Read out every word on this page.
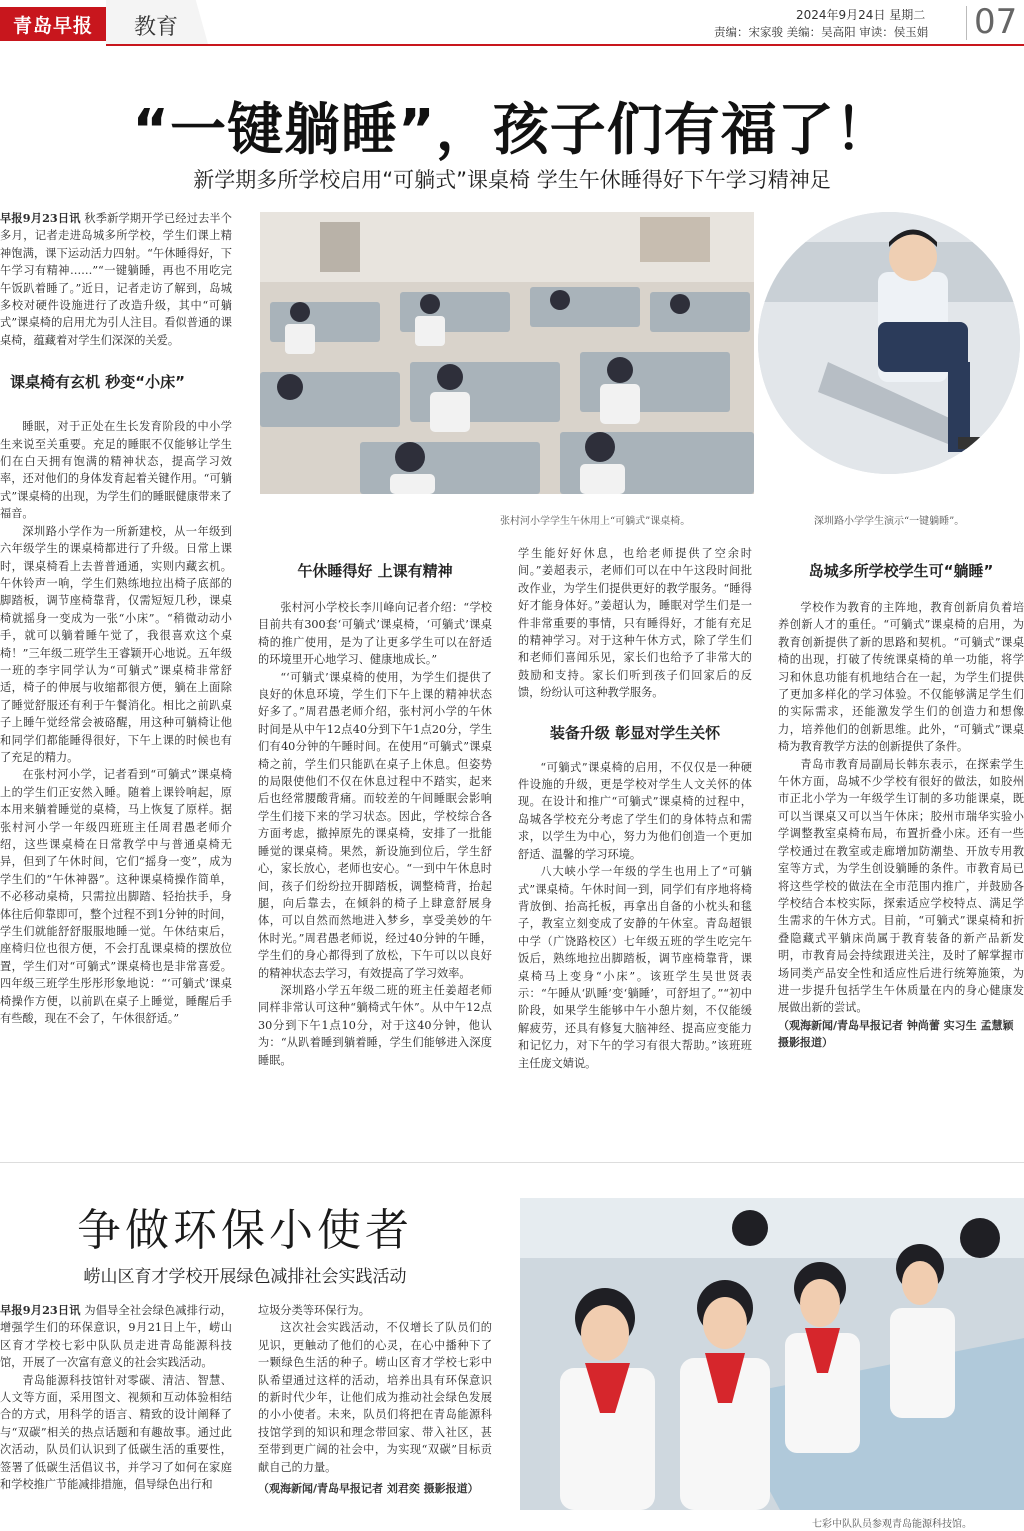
青岛早报	教育	2024年9月24日 星期二
责编：宋家骏 美编：吴高阳 审读：侯玉娟 07
“一键躺睡”，孩子们有福了！
新学期多所学校启用“可躺式”课桌椅 学生午休睡得好下午学习精神足
张村河小学学生午休用上“可躺式”课桌椅。	深圳路小学学生演示“一键躺睡”。

早报9月23日讯 秋季新学期开学已经过去半个多月，记者走进岛城多所学校，学生们课上精神饱满，课下运动活力四射。“午休睡得好，下午学习有精神……”“一键躺睡，再也不用吃完午饭趴着睡了。”近日，记者走访了解到，岛城多校对硬件设施进行了改造升级，其中“可躺式”课桌椅的启用尤为引人注目。看似普通的课桌椅，蕴藏着对学生们深深的关爱。

课桌椅有玄机 秒变“小床”

睡眠，对于正处在生长发育阶段的中小学生来说至关重要。充足的睡眠不仅能够让学生们在白天拥有饱满的精神状态，提高学习效率，还对他们的身体发育起着关键作用。“可躺式”课桌椅的出现，为学生们的睡眠健康带来了福音。

深圳路小学作为一所新建校，从一年级到六年级学生的课桌椅都进行了升级。日常上课时，课桌椅看上去普普通通，实则内藏玄机。午休铃声一响，学生们熟练地拉出椅子底部的脚踏板，调节座椅靠背，仅需短短几秒，课桌椅就摇身一变成为一张“小床”。“稍微动动小手，就可以躺着睡午觉了，我很喜欢这个桌椅！”三年级二班学生王睿颖开心地说。五年级一班的李宇同学认为“可躺式”课桌椅非常舒适，椅子的伸展与收缩都很方便，躺在上面除了睡觉舒服还有利于午餐消化。相比之前趴桌子上睡午觉经常会被硌醒，用这种可躺椅让他和同学们都能睡得很好，下午上课的时候也有了充足的精力。

在张村河小学，记者看到“可躺式”课桌椅上的学生们正安然入睡。随着上课铃响起，原本用来躺着睡觉的桌椅，马上恢复了原样。据张村河小学一年级四班班主任周君愚老师介绍，这些课桌椅在日常教学中与普通桌椅无异，但到了午休时间，它们“摇身一变”，成为学生们的“午休神器”。这种课桌椅操作简单，不必移动桌椅，只需拉出脚踏、轻抬扶手，身体往后仰靠即可，整个过程不到1分钟的时间，学生们就能舒舒服服地睡一觉。午休结束后，座椅归位也很方便，不会打乱课桌椅的摆放位置，学生们对“可躺式”课桌椅也是非常喜爱。四年级三班学生彤彤形象地说：“‘可躺式’课桌椅操作方便，以前趴在桌子上睡觉，睡醒后手有些酸，现在不会了，午休很舒适。”

午休睡得好 上课有精神

张村河小学校长李川峰向记者介绍：“学校目前共有300套‘可躺式’课桌椅，‘可躺式’课桌椅的推广使用，是为了让更多学生可以在舒适的环境里开心地学习、健康地成长。”

“‘可躺式’课桌椅的使用，为学生们提供了良好的休息环境，学生们下午上课的精神状态好多了。”周君愚老师介绍，张村河小学的午休时间是从中午12点40分到下午1点20分，学生们有40分钟的午睡时间。在使用“可躺式”课桌椅之前，学生们只能趴在桌子上休息。但姿势的局限使他们不仅在休息过程中不踏实，起来后也经常腰酸背痛。而较差的午间睡眠会影响学生们接下来的学习状态。因此，学校综合各方面考虑，撤掉原先的课桌椅，安排了一批能睡觉的课桌椅。果然，新设施到位后，学生舒心，家长放心，老师也安心。“一到中午休息时间，孩子们纷纷拉开脚踏板，调整椅背，抬起腿，向后靠去，在倾斜的椅子上肆意舒展身体，可以自然而然地进入梦乡，享受美妙的午休时光。”周君愚老师说，经过40分钟的午睡，学生们的身心都得到了放松，下午可以以良好的精神状态去学习，有效提高了学习效率。

深圳路小学五年级二班的班主任姜超老师同样非常认可这种“躺椅式午休”。从中午12点30分到下午1点10分，对于这40分钟，他认为：“从趴着睡到躺着睡，学生们能够进入深度睡眠。

学生能好好休息，也给老师提供了空余时间。”姜超表示，老师们可以在中午这段时间批改作业，为学生们提供更好的教学服务。“睡得好才能身体好。”姜超认为，睡眠对学生们是一件非常重要的事情，只有睡得好，才能有充足的精神学习。对于这种午休方式，除了学生们和老师们喜闻乐见，家长们也给予了非常大的鼓励和支持。家长们听到孩子们回家后的反馈，纷纷认可这种教学服务。

装备升级 彰显对学生关怀

“可躺式”课桌椅的启用，不仅仅是一种硬件设施的升级，更是学校对学生人文关怀的体现。在设计和推广“可躺式”课桌椅的过程中，岛城各学校充分考虑了学生们的身体特点和需求，以学生为中心，努力为他们创造一个更加舒适、温馨的学习环境。

八大峡小学一年级的学生也用上了“可躺式”课桌椅。午休时间一到，同学们有序地将椅背放倒、抬高托板，再拿出自备的小枕头和毯子，教室立刻变成了安静的午休室。青岛超银中学（广饶路校区）七年级五班的学生吃完午饭后，熟练地拉出脚踏板，调节座椅靠背，课桌椅马上变身“小床”。该班学生吴世贤表示：“午睡从‘趴睡’变‘躺睡’，可舒坦了。”“初中阶段，如果学生能够中午小憩片刻，不仅能缓解疲劳，还具有修复大脑神经、提高应变能力和记忆力，对下午的学习有很大帮助。”该班班主任庞文婧说。

岛城多所学校学生可“躺睡”

学校作为教育的主阵地，教育创新肩负着培养创新人才的重任。“可躺式”课桌椅的启用，为教育创新提供了新的思路和契机。“可躺式”课桌椅的出现，打破了传统课桌椅的单一功能，将学习和休息功能有机地结合在一起，为学生们提供了更加多样化的学习体验。不仅能够满足学生们的实际需求，还能激发学生们的创造力和想像力，培养他们的创新思维。此外，“可躺式”课桌椅为教育教学方法的创新提供了条件。

青岛市教育局副局长韩东表示，在探索学生午休方面，岛城不少学校有很好的做法，如胶州市正北小学为一年级学生订制的多功能课桌，既可以当课桌又可以当午休床；胶州市瑞华实验小学调整教室桌椅布局，布置折叠小床。还有一些学校通过在教室或走廊增加防潮垫、开放专用教室等方式，为学生创设躺睡的条件。市教育局已将这些学校的做法在全市范围内推广，并鼓励各学校结合本校实际，探索适应学校特点、满足学生需求的午休方式。目前，“可躺式”课桌椅和折叠隐藏式平躺床尚属于教育装备的新产品新发明，市教育局会持续跟进关注，及时了解掌握市场同类产品安全性和适应性后进行统筹施策，为进一步提升包括学生午休质量在内的身心健康发展做出新的尝试。

（观海新闻/青岛早报记者 钟尚蕾 实习生 孟慧颖 摄影报道）
争做环保小使者
崂山区育才学校开展绿色减排社会实践活动

早报9月23日讯 为倡导全社会绿色减排行动，增强学生们的环保意识，9月21日上午，崂山区育才学校七彩中队队员走进青岛能源科技馆，开展了一次富有意义的社会实践活动。

青岛能源科技馆针对零碳、清洁、智慧、人文等方面，采用图文、视频和互动体验相结合的方式，用科学的语言、精致的设计阐释了与“双碳”相关的热点话题和有趣故事。通过此次活动，队员们认识到了低碳生活的重要性，签署了低碳生活倡议书，并学习了如何在家庭和学校推广节能减排措施，倡导绿色出行和

垃圾分类等环保行为。

这次社会实践活动，不仅增长了队员们的见识，更触动了他们的心灵，在心中播种下了一颗绿色生活的种子。崂山区育才学校七彩中队希望通过这样的活动，培养出具有环保意识的新时代少年，让他们成为推动社会绿色发展的小小使者。未来，队员们将把在青岛能源科技馆学到的知识和理念带回家、带入社区，甚至带到更广阔的社会中，为实现“双碳”目标贡献自己的力量。

（观海新闻/青岛早报记者 刘君奕 摄影报道）
七彩中队队员参观青岛能源科技馆。
